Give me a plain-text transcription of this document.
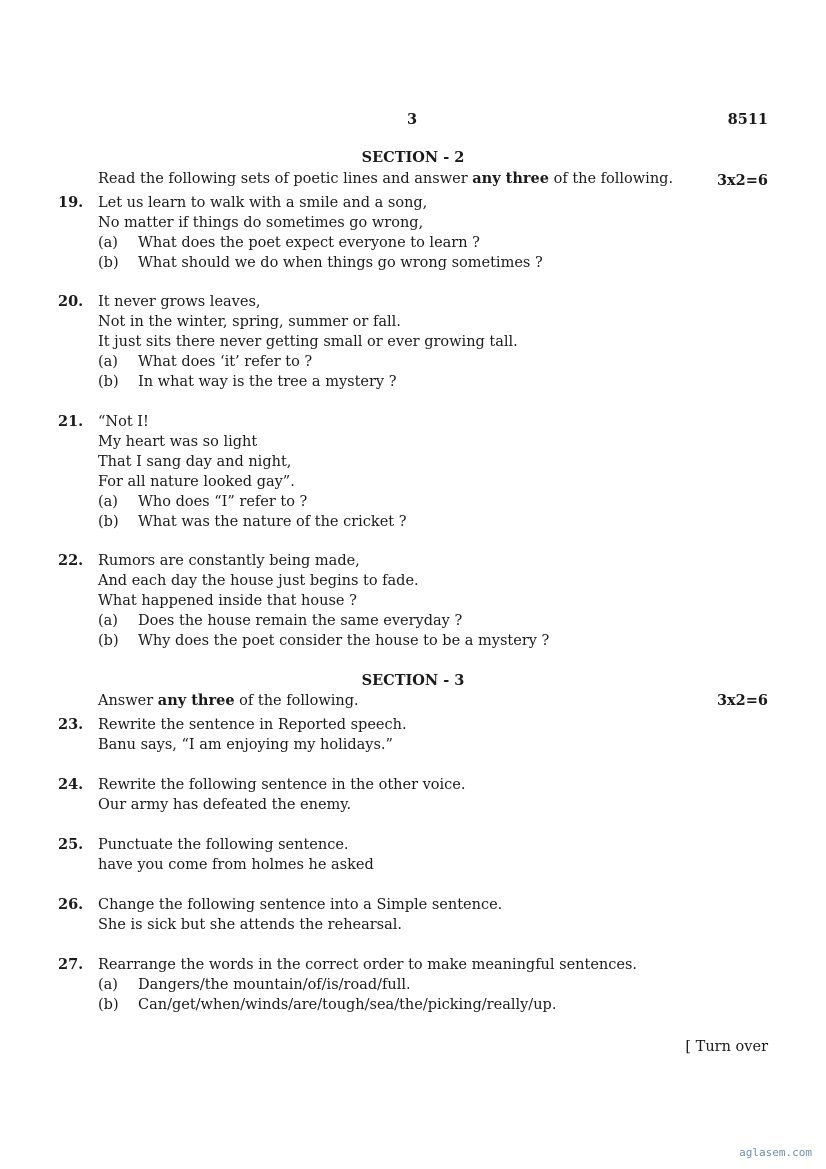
3	8511
SECTION - 2
Read the following sets of poetic lines and answer any three of the following.	3x2=6
19. Let us learn to walk with a smile and a song,
No matter if things do sometimes go wrong,
(a) What does the poet expect everyone to learn ?
(b) What should we do when things go wrong sometimes ?
20. It never grows leaves,
Not in the winter, spring, summer or fall.
It just sits there never getting small or ever growing tall.
(a) What does ‘it’ refer to ?
(b) In what way is the tree a mystery ?
21. “Not I!
My heart was so light
That I sang day and night,
For all nature looked gay”.
(a) Who does “I” refer to ?
(b) What was the nature of the cricket ?
22. Rumors are constantly being made,
And each day the house just begins to fade.
What happened inside that house ?
(a) Does the house remain the same everyday ?
(b) Why does the poet consider the house to be a mystery ?
SECTION - 3
Answer any three of the following.	3x2=6
23. Rewrite the sentence in Reported speech.
Banu says, “I am enjoying my holidays.”
24. Rewrite the following sentence in the other voice.
Our army has defeated the enemy.
25. Punctuate the following sentence.
have you come from holmes he asked
26. Change the following sentence into a Simple sentence.
She is sick but she attends the rehearsal.
27. Rearrange the words in the correct order to make meaningful sentences.
(a) Dangers/the mountain/of/is/road/full.
(b) Can/get/when/winds/are/tough/sea/the/picking/really/up.
[ Turn over
aglasem.com
